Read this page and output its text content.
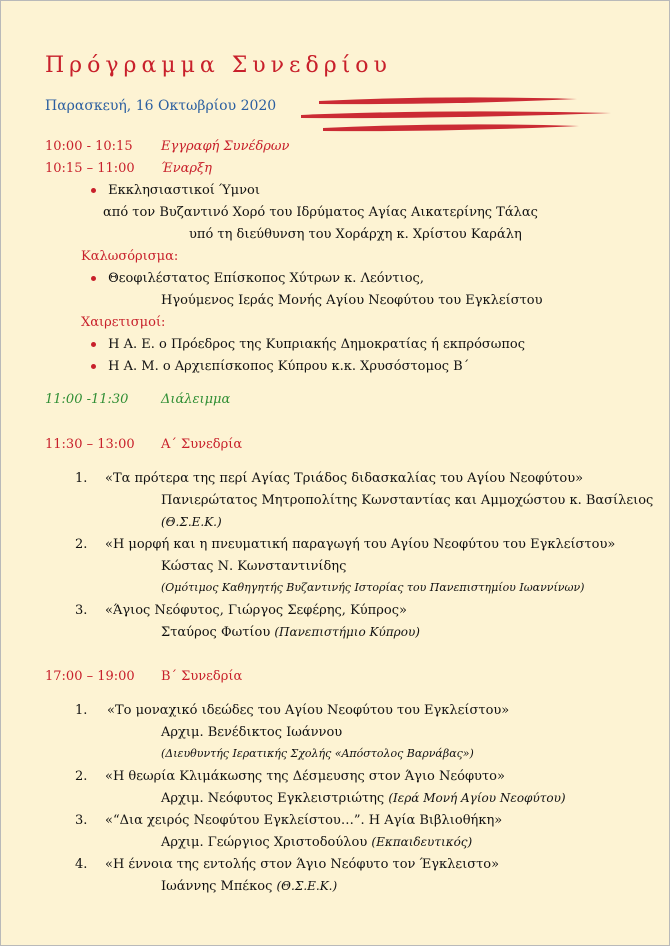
Πρόγραμμα Συνεδρίου
Παρασκευή, 16 Οκτωβρίου 2020
10:00 - 10:15 Εγγραφή Συνέδρων
10:15 – 11:00 Έναρξη
Εκκλησιαστικοί Ύμνοι
από τον Βυζαντινό Χορό του Ιδρύματος Αγίας Αικατερίνης Τάλας
υπό τη διεύθυνση του Χοράρχη κ. Χρίστου Καράλη
Καλωσόρισμα:
Θεοφιλέστατος Επίσκοπος Χύτρων κ. Λεόντιος,
Ηγούμενος Ιεράς Μονής Αγίου Νεοφύτου του Εγκλείστου
Χαιρετισμοί:
Η Α. Ε. ο Πρόεδρος της Κυπριακής Δημοκρατίας ή εκπρόσωπος
Η Α. Μ. ο Αρχιεπίσκοπος Κύπρου κ.κ. Χρυσόστομος Β΄
11:00 -11:30	Διάλειμμα
11:30 – 13:00 Α΄ Συνεδρία
1. «Τα πρότερα της περί Αγίας Τριάδος διδασκαλίας του Αγίου Νεοφύτου»
Πανιερώτατος Μητροπολίτης Κωνσταντίας και Αμμοχώστου κ. Βασίλειος
(Θ.Σ.Ε.Κ.)
2. «Η μορφή και η πνευματική παραγωγή του Αγίου Νεοφύτου του Εγκλείστου»
Κώστας Ν. Κωνσταντινίδης
(Ομότιμος Καθηγητής Βυζαντινής Ιστορίας του Πανεπιστημίου Ιωαννίνων)
3. «Άγιος Νεόφυτος, Γιώργος Σεφέρης, Κύπρος»
Σταύρος Φωτίου (Πανεπιστήμιο Κύπρου)
17:00 – 19:00 Β΄ Συνεδρία
1. «Το μοναχικό ιδεώδες του Αγίου Νεοφύτου του Εγκλείστου»
Αρχιμ. Βενέδικτος Ιωάννου
(Διευθυντής Ιερατικής Σχολής «Απόστολος Βαρνάβας»)
2. «Η θεωρία Κλιμάκωσης της Δέσμευσης στον Άγιο Νεόφυτο»
Αρχιμ. Νεόφυτος Εγκλειστριώτης (Ιερά Μονή Αγίου Νεοφύτου)
3. «“Δια χειρός Νεοφύτου Εγκλείστου…”. Η Αγία Βιβλιοθήκη»
Αρχιμ. Γεώργιος Χριστοδούλου (Εκπαιδευτικός)
4. «Η έννοια της εντολής στον Άγιο Νεόφυτο τον Έγκλειστο»
Ιωάννης Μπέκος (Θ.Σ.Ε.Κ.)
